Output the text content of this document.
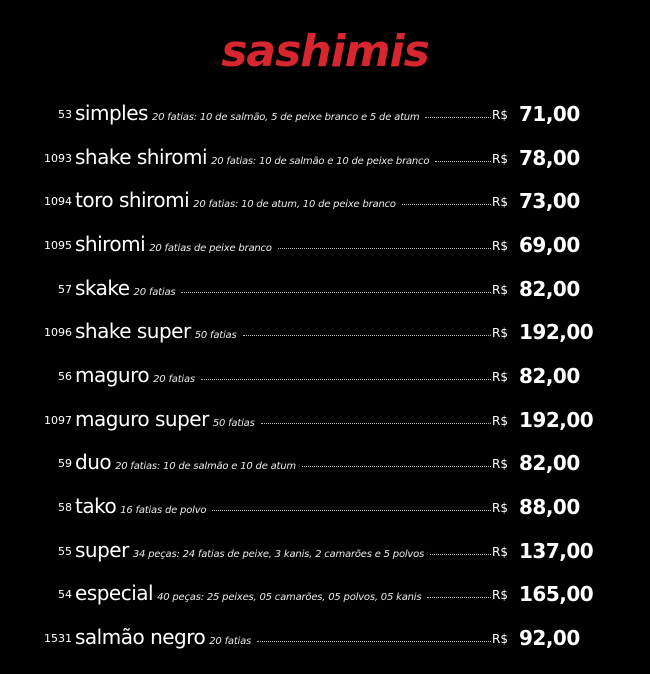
sashimis
53 simples 20 fatias: 10 de salmão, 5 de peixe branco e 5 de atum	R$ 71,00
1093 shake shiromi 20 fatias: 10 de salmão e 10 de peixe branco	R$ 78,00
1094 toro shiromi 20 fatias: 10 de atum, 10 de peixe branco	R$ 73,00
1095 shiromi 20 fatias de peixe branco	R$ 69,00
57 skake 20 fatias	R$ 82,00
1096 shake super 50 fatias	R$ 192,00
56 maguro 20 fatias	R$ 82,00
1097 maguro super 50 fatias	R$ 192,00
59 duo 20 fatias: 10 de salmão e 10 de atum	R$ 82,00
58 tako 16 fatias de polvo	R$ 88,00
55 super 34 peças: 24 fatias de peixe, 3 kanis, 2 camarões e 5 polvos	R$ 137,00
54 especial 40 peças: 25 peixes, 05 camarões, 05 polvos, 05 kanis	R$ 165,00
1531 salmão negro 20 fatias	R$ 92,00
